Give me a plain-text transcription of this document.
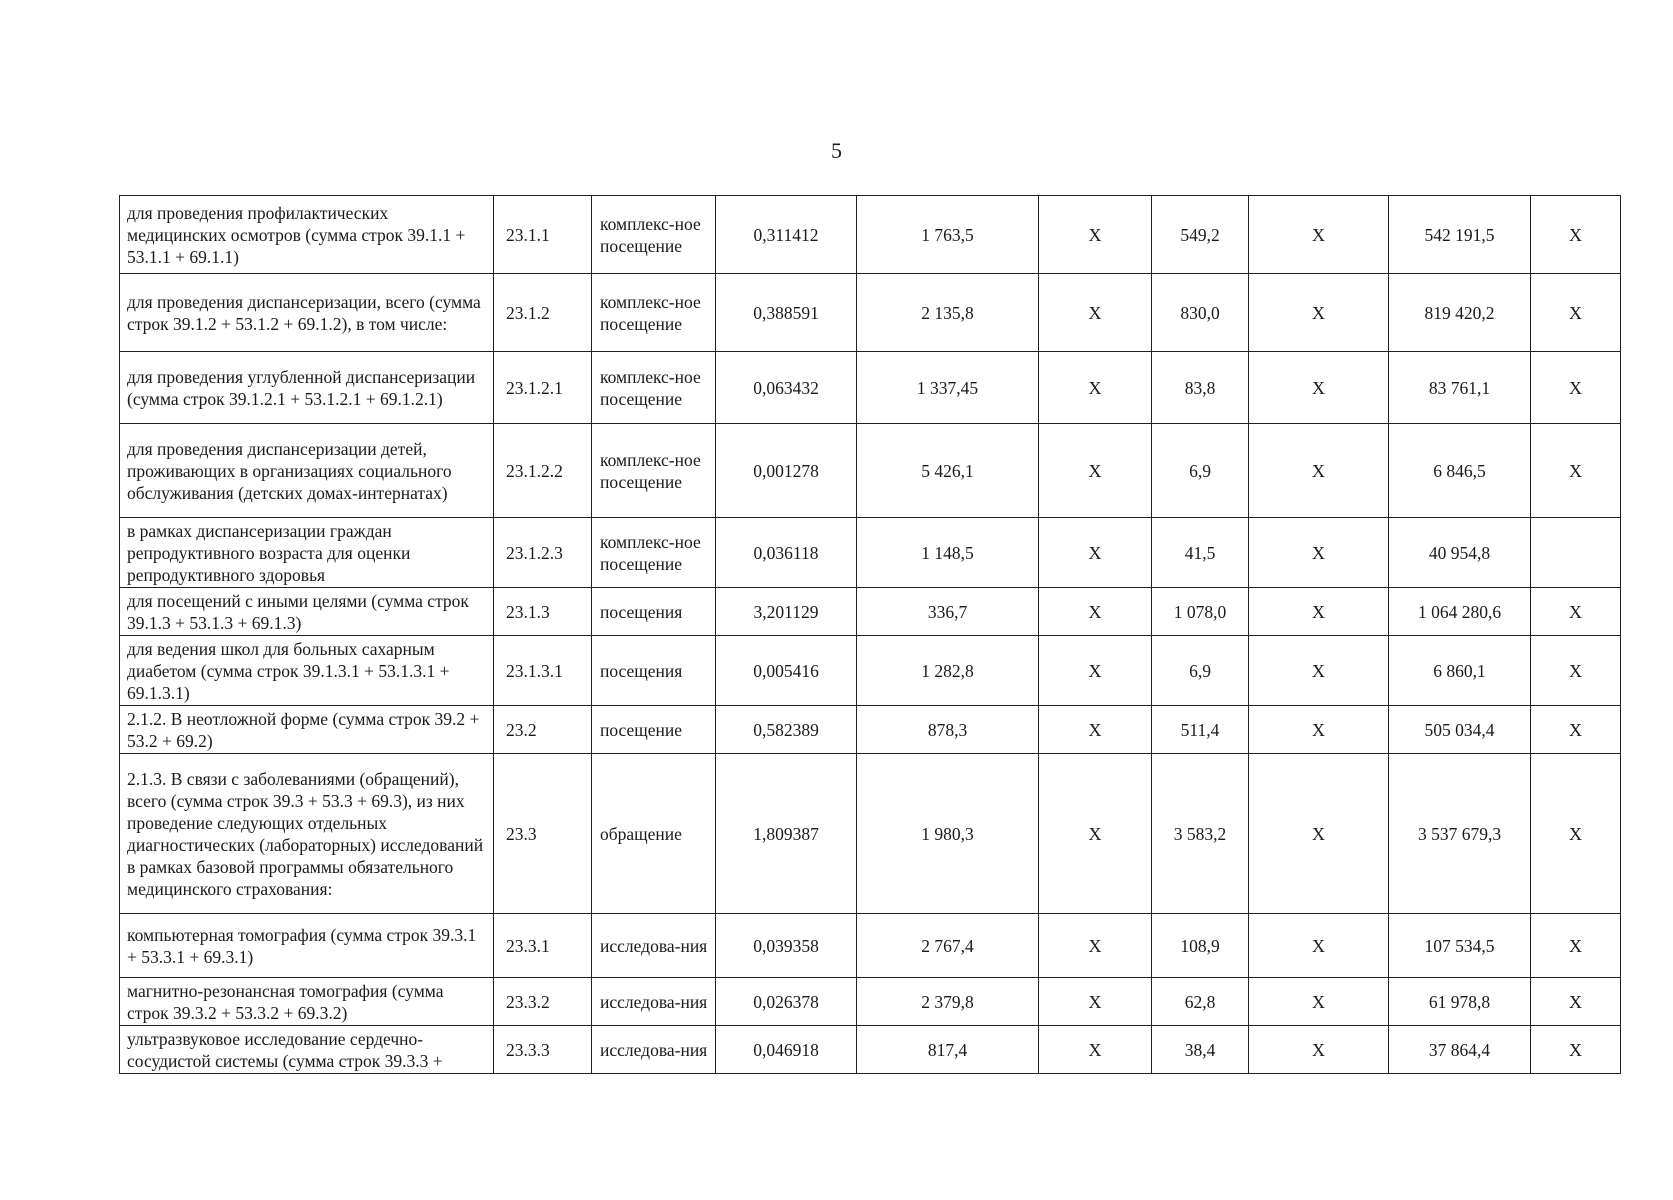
5
для проведения профилактических медицинских осмотров (сумма строк 39.1.1 + 53.1.1 + 69.1.1)	23.1.1	комплекс-ное посещение	0,311412	1 763,5	X	549,2	X	542 191,5	X
для проведения диспансеризации, всего (сумма строк 39.1.2 + 53.1.2 + 69.1.2), в том числе:	23.1.2	комплекс-ное посещение	0,388591	2 135,8	X	830,0	X	819 420,2	X
для проведения углубленной диспансеризации (сумма строк 39.1.2.1 + 53.1.2.1 + 69.1.2.1)	23.1.2.1	комплекс-ное посещение	0,063432	1 337,45	X	83,8	X	83 761,1	X
для проведения диспансеризации детей, проживающих в организациях социального обслуживания (детских домах-интернатах)	23.1.2.2	комплекс-ное посещение	0,001278	5 426,1	X	6,9	X	6 846,5	X
в рамках диспансеризации граждан репродуктивного возраста для оценки репродуктивного здоровья	23.1.2.3	комплекс-ное посещение	0,036118	1 148,5	X	41,5	X	40 954,8	
для посещений с иными целями (сумма строк 39.1.3 + 53.1.3 + 69.1.3)	23.1.3	посещения	3,201129	336,7	X	1 078,0	X	1 064 280,6	X
для ведения школ для больных сахарным диабетом (сумма строк 39.1.3.1 + 53.1.3.1 + 69.1.3.1)	23.1.3.1	посещения	0,005416	1 282,8	X	6,9	X	6 860,1	X
2.1.2. В неотложной форме (сумма строк 39.2 + 53.2 + 69.2)	23.2	посещение	0,582389	878,3	X	511,4	X	505 034,4	X
2.1.3. В связи с заболеваниями (обращений), всего (сумма строк 39.3 + 53.3 + 69.3), из них проведение следующих отдельных диагностических (лабораторных) исследований в рамках базовой программы обязательного медицинского страхования:	23.3	обращение	1,809387	1 980,3	X	3 583,2	X	3 537 679,3	X
компьютерная томография (сумма строк 39.3.1 + 53.3.1 + 69.3.1)	23.3.1	исследова-ния	0,039358	2 767,4	X	108,9	X	107 534,5	X
магнитно-резонансная томография (сумма строк 39.3.2 + 53.3.2 + 69.3.2)	23.3.2	исследова-ния	0,026378	2 379,8	X	62,8	X	61 978,8	X
ультразвуковое исследование сердечно-сосудистой системы (сумма строк 39.3.3 +	23.3.3	исследова-ния	0,046918	817,4	X	38,4	X	37 864,4	X
